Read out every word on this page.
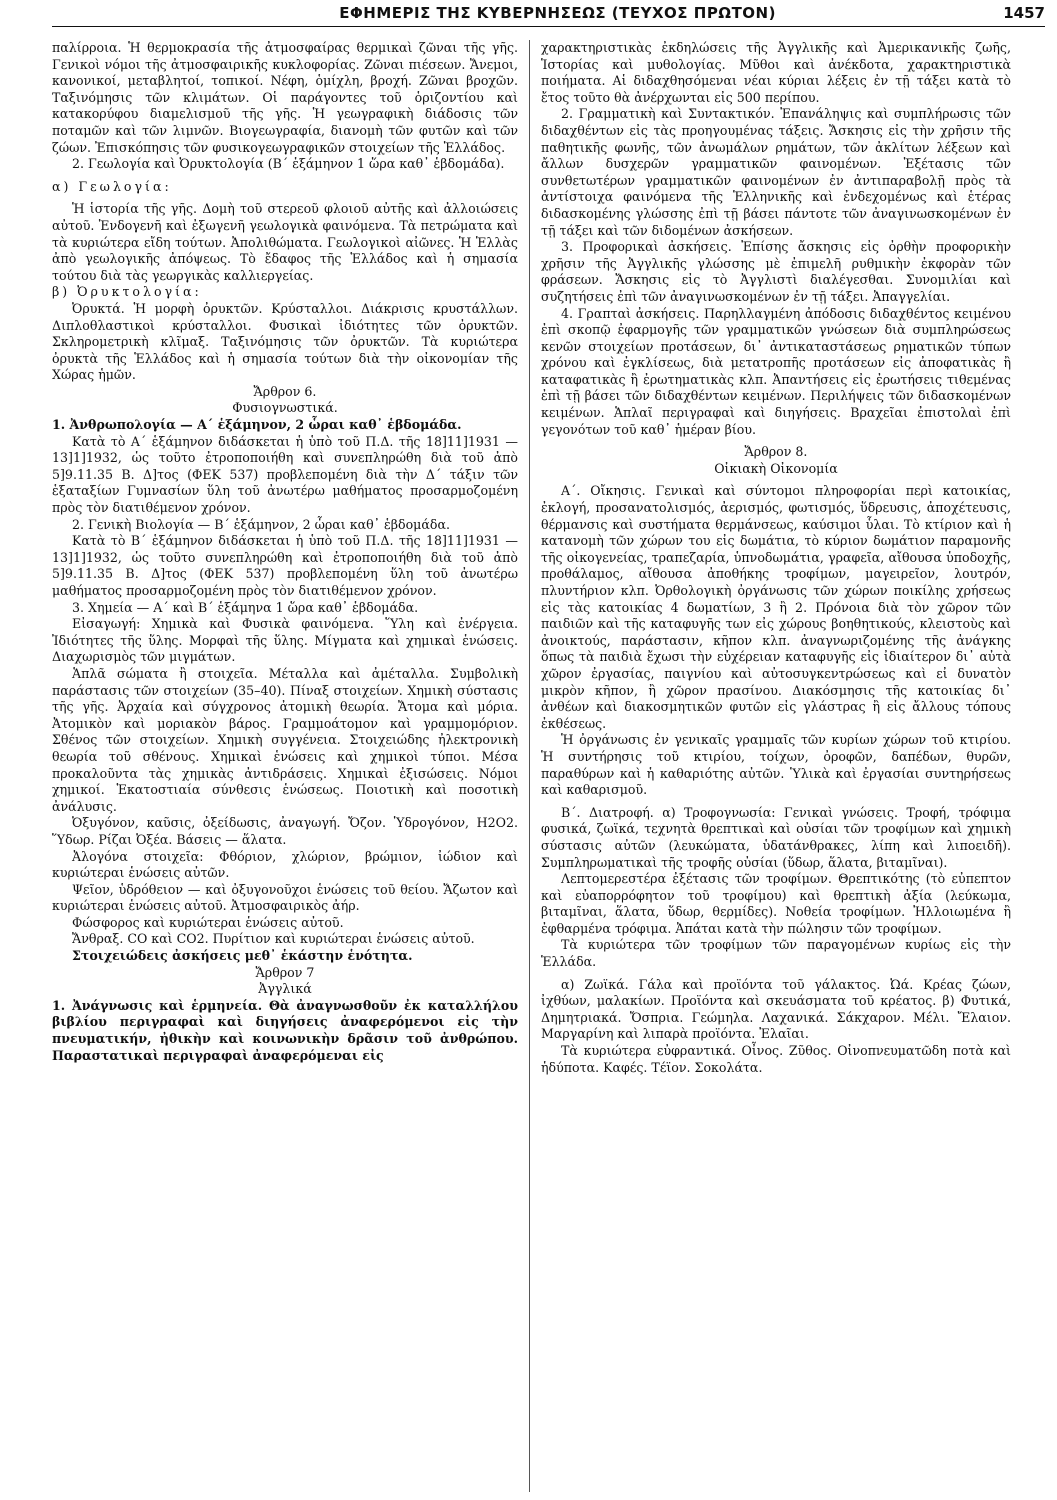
ΕΦΗΜΕΡΙΣ ΤΗΣ ΚΥΒΕΡΝΗΣΕΩΣ (ΤΕΥΧΟΣ ΠΡΩΤΟΝ)	1457

παλίρροια. Ἡ θερμοκρασία τῆς ἀτμοσφαίρας θερμικαὶ ζῶναι τῆς γῆς. Γενικοὶ νόμοι τῆς ἀτμοσφαιρικῆς κυκλοφορίας. Ζῶναι πιέσεων. Ἄνεμοι, κανονικοί, μεταβλητοί, τοπικοί. Νέφη, ὁμίχλη, βροχή. Ζῶναι βροχῶν. Ταξινόμησις τῶν κλιμάτων. Οἱ παράγοντες τοῦ ὁριζοντίου καὶ κατακορύφου διαμελισμοῦ τῆς γῆς. Ἡ γεωγραφικὴ διάδοσις τῶν ποταμῶν καὶ τῶν λιμνῶν. Βιογεωγραφία, διανομὴ τῶν φυτῶν καὶ τῶν ζώων. Ἐπισκόπησις τῶν φυσικογεωγραφικῶν στοιχείων τῆς Ἑλλάδος.

2. Γεωλογία καὶ Ὀρυκτολογία (Β΄ ἑξάμηνον 1 ὥρα καθ᾽ ἑβδομάδα).

α) Γεωλογία:

Ἡ ἱστορία τῆς γῆς. Δομὴ τοῦ στερεοῦ φλοιοῦ αὐτῆς καὶ ἀλλοιώσεις αὐτοῦ. Ἐνδογενῆ καὶ ἐξωγενῆ γεωλογικὰ φαινόμενα. Τὰ πετρώματα καὶ τὰ κυριώτερα εἴδη τούτων. Ἀπολιθώματα. Γεωλογικοὶ αἰῶνες. Ἡ Ἑλλὰς ἀπὸ γεωλογικῆς ἀπόψεως. Τὸ ἔδαφος τῆς Ἑλλάδος καὶ ἡ σημασία τούτου διὰ τὰς γεωργικὰς καλλιεργείας.

β) Ὀρυκτολογία:

Ὀρυκτά. Ἡ μορφὴ ὀρυκτῶν. Κρύσταλλοι. Διάκρισις κρυστάλλων. Διπλοθλαστικοὶ κρύσταλλοι. Φυσικαὶ ἰδιότητες τῶν ὀρυκτῶν. Σκληρομετρικὴ κλῖμαξ. Ταξινόμησις τῶν ὀρυκτῶν. Τὰ κυριώτερα ὀρυκτὰ τῆς Ἑλλάδος καὶ ἡ σημασία τούτων διὰ τὴν οἰκονομίαν τῆς Χώρας ἡμῶν.

Ἄρθρον 6.

Φυσιογνωστικά.

1. Ἀνθρωπολογία — Α΄ ἑξάμηνον, 2 ὧραι καθ᾽ ἑβδομάδα.

Κατὰ τὸ Α΄ ἑξάμηνον διδάσκεται ἡ ὑπὸ τοῦ Π.Δ. τῆς 18]11]1931 — 13]1]1932, ὡς τοῦτο ἐτροποποιήθη καὶ συνεπληρώθη διὰ τοῦ ἀπὸ 5]9.11.35 Β. Δ]τος (ΦΕΚ 537) προβλεπομένη διὰ τὴν Δ΄ τάξιν τῶν ἑξαταξίων Γυμνασίων ὕλη τοῦ ἀνωτέρω μαθήματος προσαρμοζομένη πρὸς τὸν διατιθέμενον χρόνον.

2. Γενικὴ Βιολογία — Β΄ ἑξάμηνον, 2 ὧραι καθ᾽ ἑβδομάδα.

Κατὰ τὸ Β΄ ἑξάμηνον διδάσκεται ἡ ὑπὸ τοῦ Π.Δ. τῆς 18]11]1931 — 13]1]1932, ὡς τοῦτο συνεπληρώθη καὶ ἐτροποποιήθη διὰ τοῦ ἀπὸ 5]9.11.35 Β. Δ]τος (ΦΕΚ 537) προβλεπομένη ὕλη τοῦ ἀνωτέρω μαθήματος προσαρμοζομένη πρὸς τὸν διατιθέμενον χρόνον.

3. Χημεία — Α΄ καὶ Β΄ ἑξάμηνα 1 ὥρα καθ᾽ ἑβδομάδα.

Εἰσαγωγή: Χημικὰ καὶ Φυσικὰ φαινόμενα. Ὕλη καὶ ἐνέργεια. Ἰδιότητες τῆς ὕλης. Μορφαὶ τῆς ὕλης. Μίγματα καὶ χημικαὶ ἑνώσεις. Διαχωρισμὸς τῶν μιγμάτων.

Ἁπλᾶ σώματα ἢ στοιχεῖα. Μέταλλα καὶ ἀμέταλλα. Συμβολικὴ παράστασις τῶν στοιχείων (35–40). Πίναξ στοιχείων. Χημικὴ σύστασις τῆς γῆς. Ἀρχαία καὶ σύγχρονος ἀτομικὴ θεωρία. Ἄτομα καὶ μόρια. Ἀτομικὸν καὶ μοριακὸν βάρος. Γραμμοάτομον καὶ γραμμομόριον. Σθένος τῶν στοιχείων. Χημικὴ συγγένεια. Στοιχειώδης ἠλεκτρονικὴ θεωρία τοῦ σθένους. Χημικαὶ ἑνώσεις καὶ χημικοὶ τύποι. Μέσα προκαλοῦντα τὰς χημικὰς ἀντιδράσεις. Χημικαὶ ἐξισώσεις. Νόμοι χημικοί. Ἑκατοστιαία σύνθεσις ἑνώσεως. Ποιοτικὴ καὶ ποσοτικὴ ἀνάλυσις.

Ὀξυγόνον, καῦσις, ὀξείδωσις, ἀναγωγή. Ὄζον. Ὑδρογόνον, Η2Ο2. Ὕδωρ. Ρίζαι Ὀξέα. Βάσεις — ἅλατα.

Ἀλογόνα στοιχεῖα: Φθόριον, χλώριον, βρώμιον, ἰώδιον καὶ κυριώτεραι ἑνώσεις αὐτῶν.

Ψεῖον, ὑδρόθειον — καὶ ὀξυγονοῦχοι ἑνώσεις τοῦ θείου. Ἄζωτον καὶ κυριώτεραι ἑνώσεις αὐτοῦ. Ἀτμοσφαιρικὸς ἀήρ.

Φώσφορος καὶ κυριώτεραι ἑνώσεις αὐτοῦ.

Ἄνθραξ. CO καὶ CO2. Πυρίτιον καὶ κυριώτεραι ἑνώσεις αὐτοῦ.

Στοιχειώδεις ἀσκήσεις μεθ᾽ ἑκάστην ἑνότητα.

Ἄρθρον 7

Ἀγγλικά

1. Ἀνάγνωσις καὶ ἑρμηνεία. Θὰ ἀναγνωσθοῦν ἐκ καταλλήλου βιβλίου περιγραφαὶ καὶ διηγήσεις ἀναφερόμενοι εἰς τὴν πνευματικήν, ἠθικὴν καὶ κοινωνικὴν δρᾶσιν τοῦ ἀνθρώπου. Παραστατικαὶ περιγραφαὶ ἀναφερόμεναι εἰς

χαρακτηριστικὰς ἐκδηλώσεις τῆς Ἀγγλικῆς καὶ Ἀμερικανικῆς ζωῆς, Ἱστορίας καὶ μυθολογίας. Μῦθοι καὶ ἀνέκδοτα, χαρακτηριστικὰ ποιήματα. Αἱ διδαχθησόμεναι νέαι κύριαι λέξεις ἐν τῇ τάξει κατὰ τὸ ἔτος τοῦτο θὰ ἀνέρχωνται εἰς 500 περίπου.

2. Γραμματικὴ καὶ Συντακτικόν. Ἐπανάληψις καὶ συμπλήρωσις τῶν διδαχθέντων εἰς τὰς προηγουμένας τάξεις. Ἄσκησις εἰς τὴν χρῆσιν τῆς παθητικῆς φωνῆς, τῶν ἀνωμάλων ρημάτων, τῶν ἀκλίτων λέξεων καὶ ἄλλων δυσχερῶν γραμματικῶν φαινομένων. Ἐξέτασις τῶν συνθετωτέρων γραμματικῶν φαινομένων ἐν ἀντιπαραβολῇ πρὸς τὰ ἀντίστοιχα φαινόμενα τῆς Ἑλληνικῆς καὶ ἐνδεχομένως καὶ ἑτέρας διδασκομένης γλώσσης ἐπὶ τῇ βάσει πάντοτε τῶν ἀναγινωσκομένων ἐν τῇ τάξει καὶ τῶν διδομένων ἀσκήσεων.

3. Προφορικαὶ ἀσκήσεις. Ἐπίσης ἄσκησις εἰς ὀρθὴν προφορικὴν χρῆσιν τῆς Ἀγγλικῆς γλώσσης μὲ ἐπιμελῆ ρυθμικὴν ἐκφορὰν τῶν φράσεων. Ἄσκησις εἰς τὸ Ἀγγλιστὶ διαλέγεσθαι. Συνομιλίαι καὶ συζητήσεις ἐπὶ τῶν ἀναγινωσκομένων ἐν τῇ τάξει. Ἀπαγγελίαι.

4. Γραπταὶ ἀσκήσεις. Παρηλλαγμένη ἀπόδοσις διδαχθέντος κειμένου ἐπὶ σκοπῷ ἐφαρμογῆς τῶν γραμματικῶν γνώσεων διὰ συμπληρώσεως κενῶν στοιχείων προτάσεων, δι᾽ ἀντικαταστάσεως ρηματικῶν τύπων χρόνου καὶ ἐγκλίσεως, διὰ μετατροπῆς προτάσεων εἰς ἀποφατικὰς ἢ καταφατικὰς ἢ ἐρωτηματικὰς κλπ. Ἀπαντήσεις εἰς ἐρωτήσεις τιθεμένας ἐπὶ τῇ βάσει τῶν διδαχθέντων κειμένων. Περιλήψεις τῶν διδασκομένων κειμένων. Ἁπλαῖ περιγραφαὶ καὶ διηγήσεις. Βραχεῖαι ἐπιστολαὶ ἐπὶ γεγονότων τοῦ καθ᾽ ἡμέραν βίου.

Ἄρθρον 8.

Οἰκιακὴ Οἰκονομία

Α΄. Οἴκησις. Γενικαὶ καὶ σύντομοι πληροφορίαι περὶ κατοικίας, ἐκλογή, προσανατολισμός, ἀερισμός, φωτισμός, ὕδρευσις, ἀποχέτευσις, θέρμανσις καὶ συστήματα θερμάνσεως, καύσιμοι ὗλαι. Τὸ κτίριον καὶ ἡ κατανομὴ τῶν χώρων του εἰς δωμάτια, τὸ κύριον δωμάτιον παραμονῆς τῆς οἰκογενείας, τραπεζαρία, ὑπνοδωμάτια, γραφεῖα, αἴθουσα ὑποδοχῆς, προθάλαμος, αἴθουσα ἀποθήκης τροφίμων, μαγειρεῖον, λουτρόν, πλυντήριον κλπ. Ὀρθολογικὴ ὀργάνωσις τῶν χώρων ποικίλης χρήσεως εἰς τὰς κατοικίας 4 δωματίων, 3 ἢ 2. Πρόνοια διὰ τὸν χῶρον τῶν παιδιῶν καὶ τῆς καταφυγῆς των εἰς χώρους βοηθητικούς, κλειστοὺς καὶ ἀνοικτούς, παράστασιν, κῆπον κλπ. ἀναγνωριζομένης τῆς ἀνάγκης ὅπως τὰ παιδιὰ ἔχωσι τὴν εὐχέρειαν καταφυγῆς εἰς ἰδιαίτερον δι᾽ αὐτὰ χῶρον ἐργασίας, παιγνίου καὶ αὐτοσυγκεντρώσεως καὶ εἰ δυνατὸν μικρὸν κῆπον, ἢ χῶρον πρασίνου. Διακόσμησις τῆς κατοικίας δι᾽ ἀνθέων καὶ διακοσμητικῶν φυτῶν εἰς γλάστρας ἢ εἰς ἄλλους τόπους ἐκθέσεως.

Ἡ ὀργάνωσις ἐν γενικαῖς γραμμαῖς τῶν κυρίων χώρων τοῦ κτιρίου. Ἡ συντήρησις τοῦ κτιρίου, τοίχων, ὀροφῶν, δαπέδων, θυρῶν, παραθύρων καὶ ἡ καθαριότης αὐτῶν. Ὑλικὰ καὶ ἐργασίαι συντηρήσεως καὶ καθαρισμοῦ.

Β΄. Διατροφή. α) Τροφογνωσία: Γενικαὶ γνώσεις. Τροφή, τρόφιμα φυσικά, ζωϊκά, τεχνητὰ θρεπτικαὶ καὶ οὐσίαι τῶν τροφίμων καὶ χημικὴ σύστασις αὐτῶν (λευκώματα, ὑδατάνθρακες, λίπη καὶ λιποειδῆ). Συμπληρωματικαὶ τῆς τροφῆς οὐσίαι (ὕδωρ, ἅλατα, βιταμῖναι).

Λεπτομερεστέρα ἐξέτασις τῶν τροφίμων. Θρεπτικότης (τὸ εὐπεπτον καὶ εὐαπορρόφητον τοῦ τροφίμου) καὶ θρεπτικὴ ἀξία (λεύκωμα, βιταμῖναι, ἅλατα, ὕδωρ, θερμίδες). Νοθεία τροφίμων. Ἠλλοιωμένα ἢ ἐφθαρμένα τρόφιμα. Ἀπάται κατὰ τὴν πώλησιν τῶν τροφίμων.

Τὰ κυριώτερα τῶν τροφίμων τῶν παραγομένων κυρίως εἰς τὴν Ἑλλάδα.

α) Ζωϊκά. Γάλα καὶ προϊόντα τοῦ γάλακτος. Ὠά. Κρέας ζώων, ἰχθύων, μαλακίων. Προϊόντα καὶ σκευάσματα τοῦ κρέατος. β) Φυτικά, Δημητριακά. Ὄσπρια. Γεώμηλα. Λαχανικά. Σάκχαρον. Μέλι. Ἔλαιον. Μαργαρίνη καὶ λιπαρὰ προϊόντα. Ἐλαῖαι.

Τὰ κυριώτερα εὐφραντικά. Οἶνος. Ζῦθος. Οἰνοπνευματῶδη ποτὰ καὶ ἡδύποτα. Καφές. Τέϊον. Σοκολάτα.
